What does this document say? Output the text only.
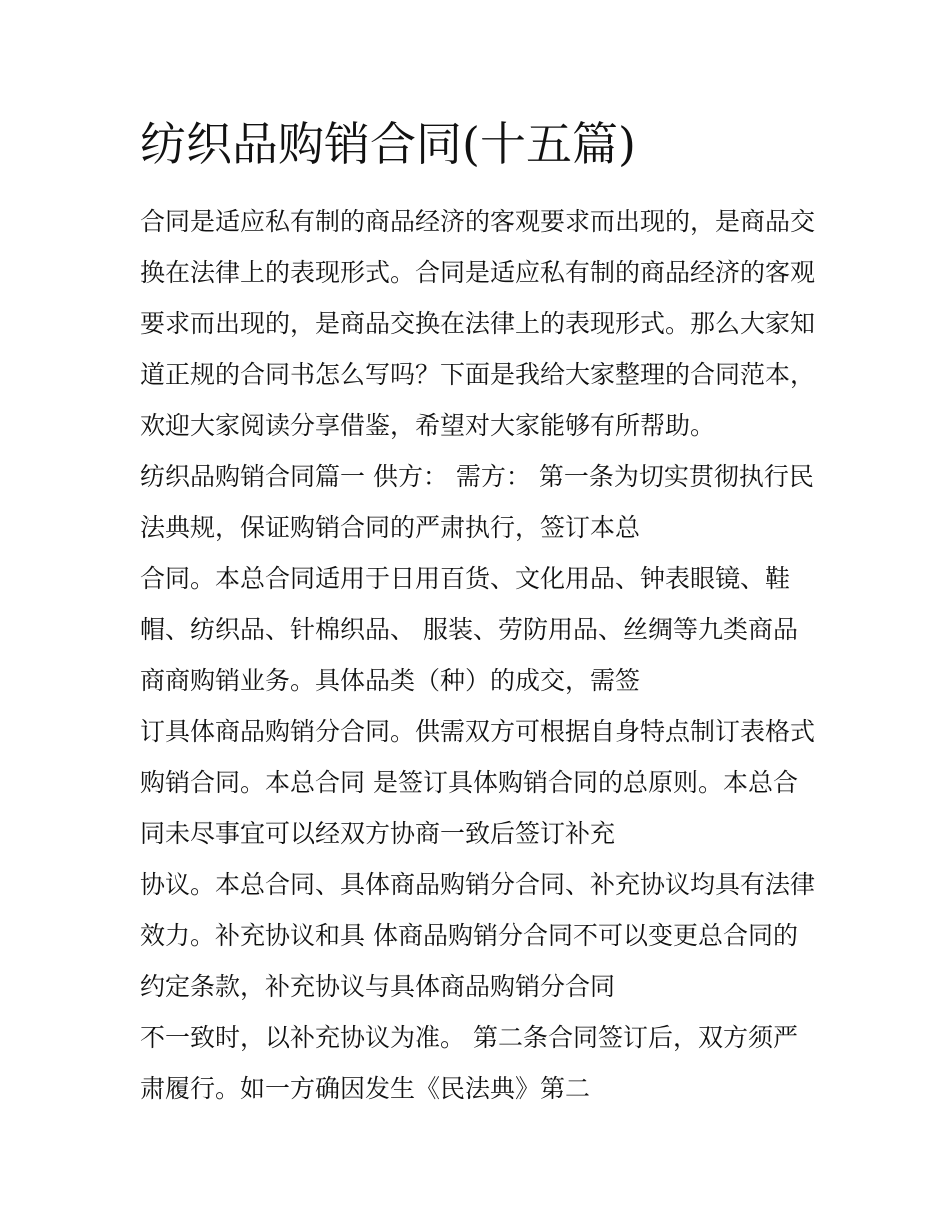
纺织品购销合同(十五篇)
合同是适应私有制的商品经济的客观要求而出现的，是商品交
换在法律上的表现形式。合同是适应私有制的商品经济的客观
要求而出现的，是商品交换在法律上的表现形式。那么大家知
道正规的合同书怎么写吗？下面是我给大家整理的合同范本，
欢迎大家阅读分享借鉴，希望对大家能够有所帮助。
纺织品购销合同篇一 供方： 需方： 第一条为切实贯彻执行民
法典规，保证购销合同的严肃执行，签订本总
合同。本总合同适用于日用百货、文化用品、钟表眼镜、鞋
帽、纺织品、针棉织品、 服装、劳防用品、丝绸等九类商品
商商购销业务。具体品类（种）的成交，需签
订具体商品购销分合同。供需双方可根据自身特点制订表格式
购销合同。本总合同 是签订具体购销合同的总原则。本总合
同未尽事宜可以经双方协商一致后签订补充
协议。本总合同、具体商品购销分合同、补充协议均具有法律
效力。补充协议和具 体商品购销分合同不可以变更总合同的
约定条款，补充协议与具体商品购销分合同
不一致时，以补充协议为准。 第二条合同签订后，双方须严
肃履行。如一方确因发生《民法典》第二
